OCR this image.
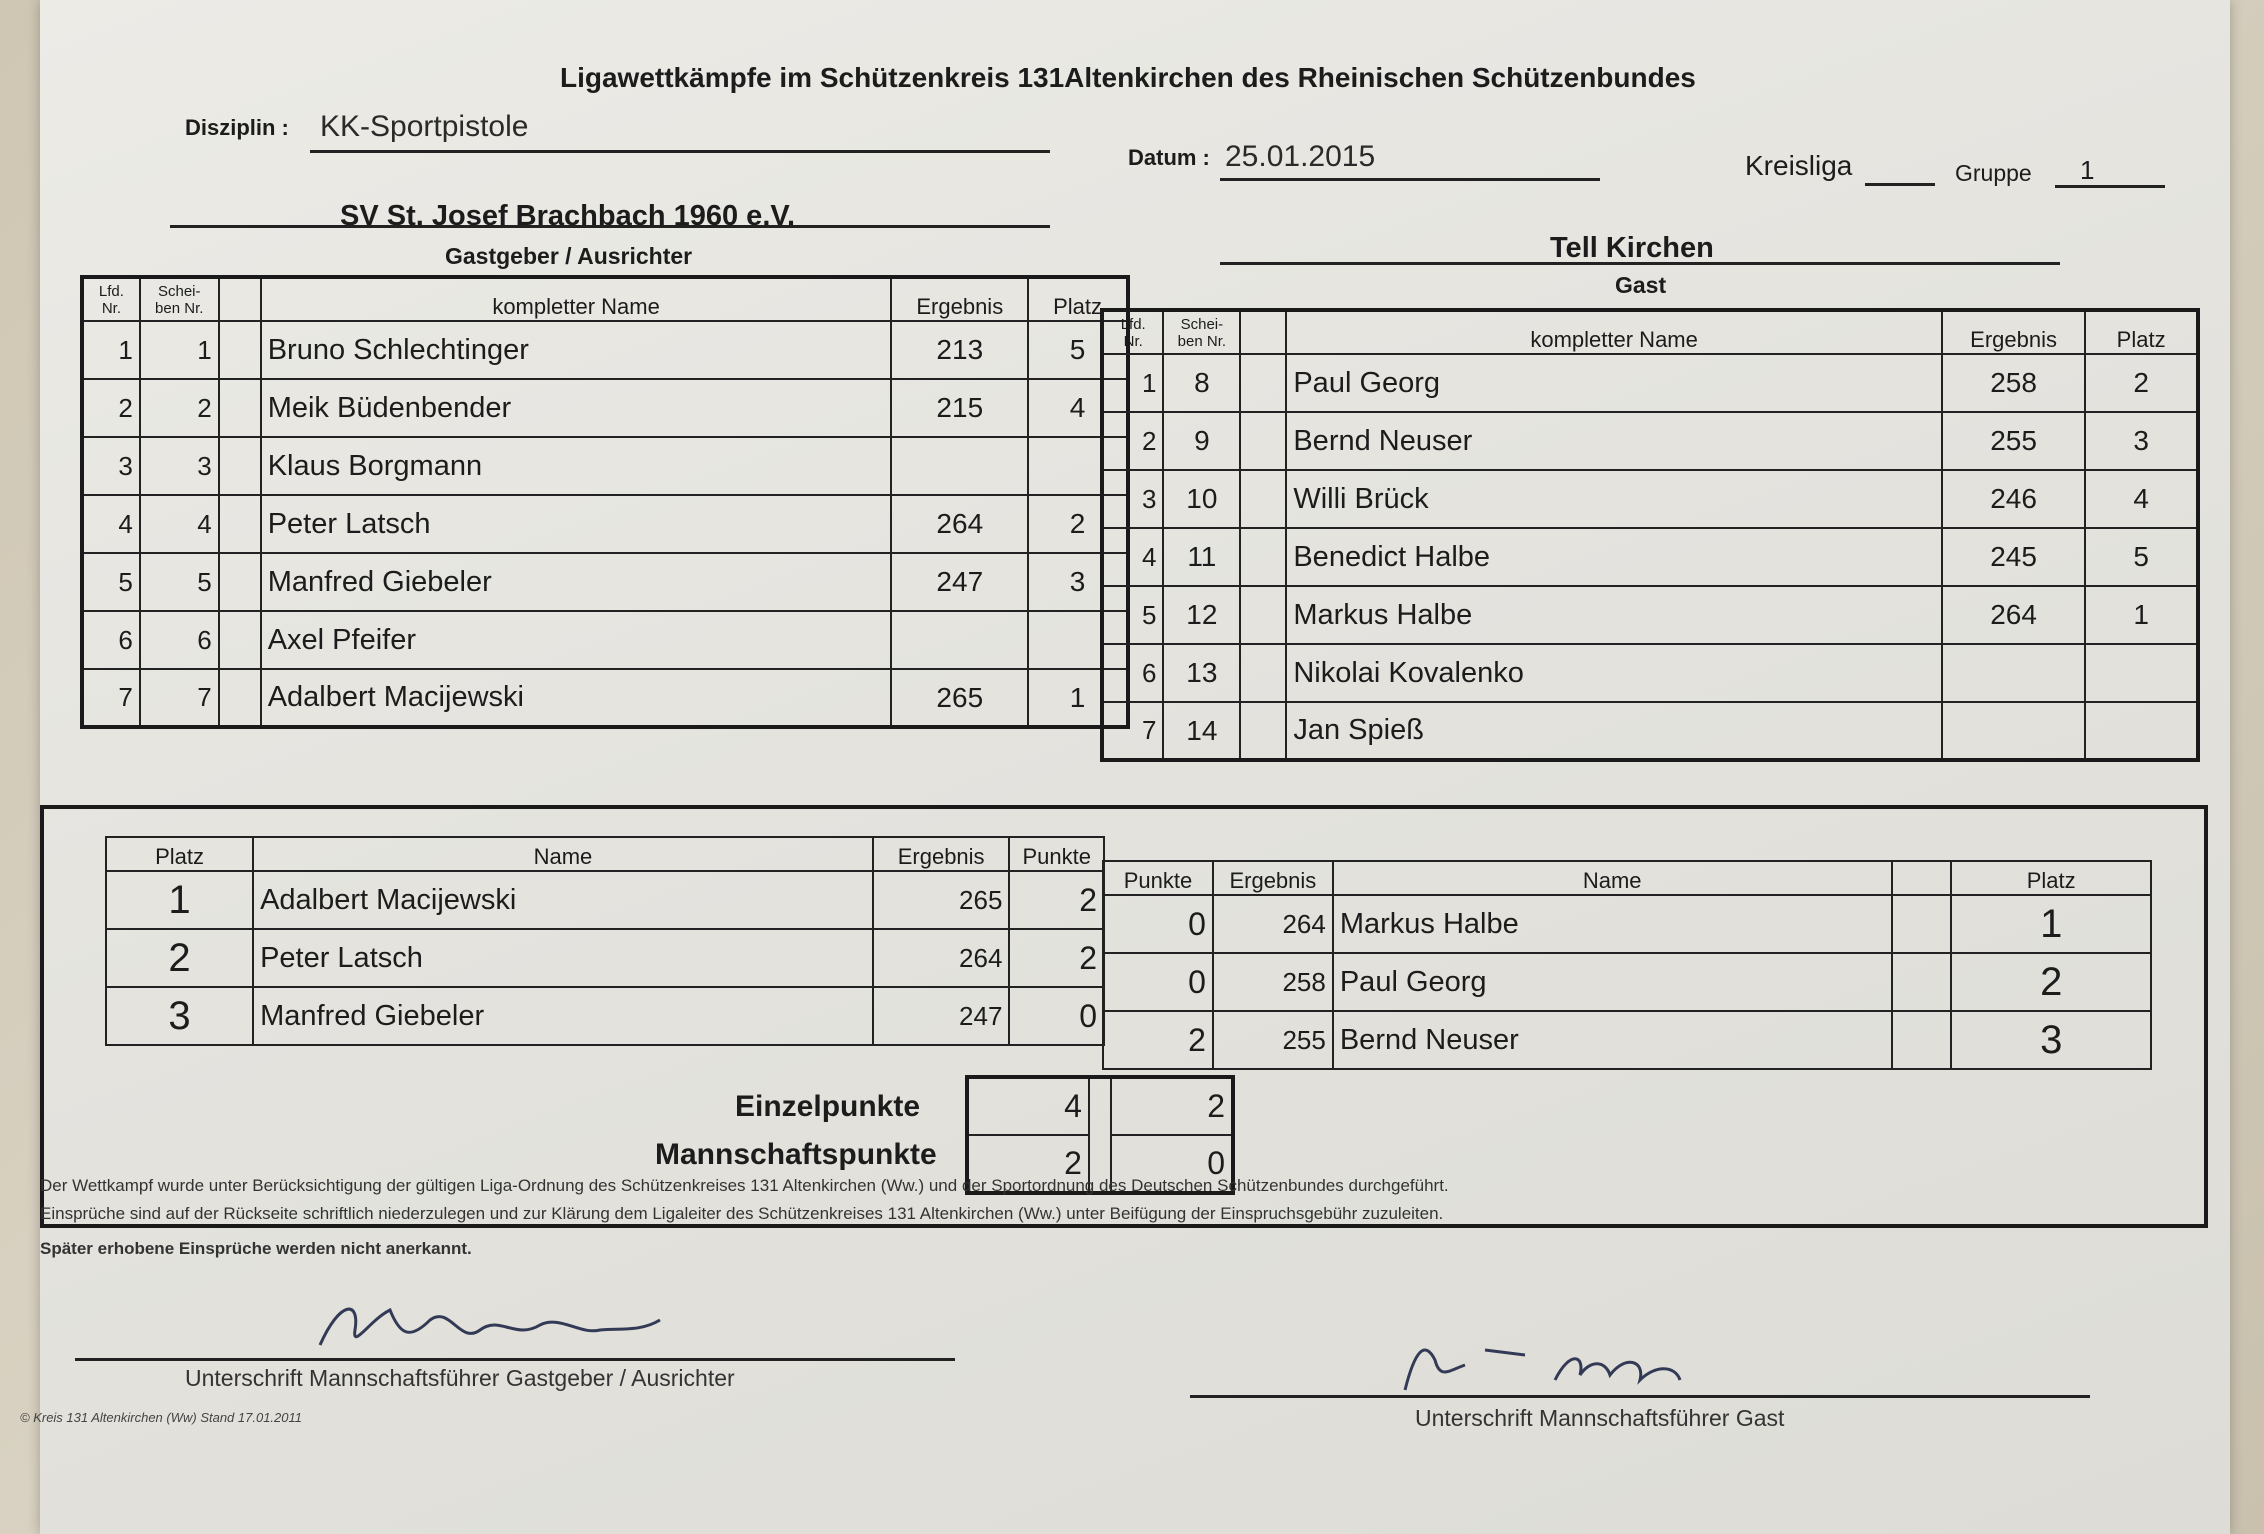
Ligawettkämpfe im Schützenkreis 131Altenkirchen des Rheinischen Schützenbundes
Disziplin : KK-Sportpistole
Datum : 25.01.2015	Kreisliga	Gruppe 1
SV St. Josef Brachbach 1960 e.V.
Gastgeber / Ausrichter	Tell Kirchen
Gast
Lfd. Nr.	Schei- ben Nr.		kompletter Name	Ergebnis	Platz
1	1		Bruno Schlechtinger	213	5
2	2		Meik Büdenbender	215	4
3	3		Klaus Borgmann		
4	4		Peter Latsch	264	2
5	5		Manfred Giebeler	247	3
6	6		Axel Pfeifer		
7	7		Adalbert Macijewski	265	1
Lfd. Nr.	Schei- ben Nr.		kompletter Name	Ergebnis	Platz
1	8		Paul Georg	258	2
2	9		Bernd Neuser	255	3
3	10		Willi Brück	246	4
4	11		Benedict Halbe	245	5
5	12		Markus Halbe	264	1
6	13		Nikolai Kovalenko		
7	14		Jan Spieß		
Platz	Name	Ergebnis	Punkte
1	Adalbert Macijewski	265	2
2	Peter Latsch	264	2
3	Manfred Giebeler	247	0
Punkte	Ergebnis	Name		Platz
0	264	Markus Halbe		1
0	258	Paul Georg		2
2	255	Bernd Neuser		3
Einzelpunkte
Mannschaftspunkte
4		2
2		0
Der Wettkampf wurde unter Berücksichtigung der gültigen Liga-Ordnung des Schützenkreises 131 Altenkirchen (Ww.) und der Sportordnung des Deutschen Schützenbundes durchgeführt.
Einsprüche sind auf der Rückseite schriftlich niederzulegen und zur Klärung dem Ligaleiter des Schützenkreises 131 Altenkirchen (Ww.) unter Beifügung der Einspruchsgebühr zuzuleiten.
Später erhobene Einsprüche werden nicht anerkannt.
Unterschrift Mannschaftsführer Gastgeber / Ausrichter
© Kreis 131 Altenkirchen (Ww) Stand 17.01.2011	Unterschrift Mannschaftsführer Gast
